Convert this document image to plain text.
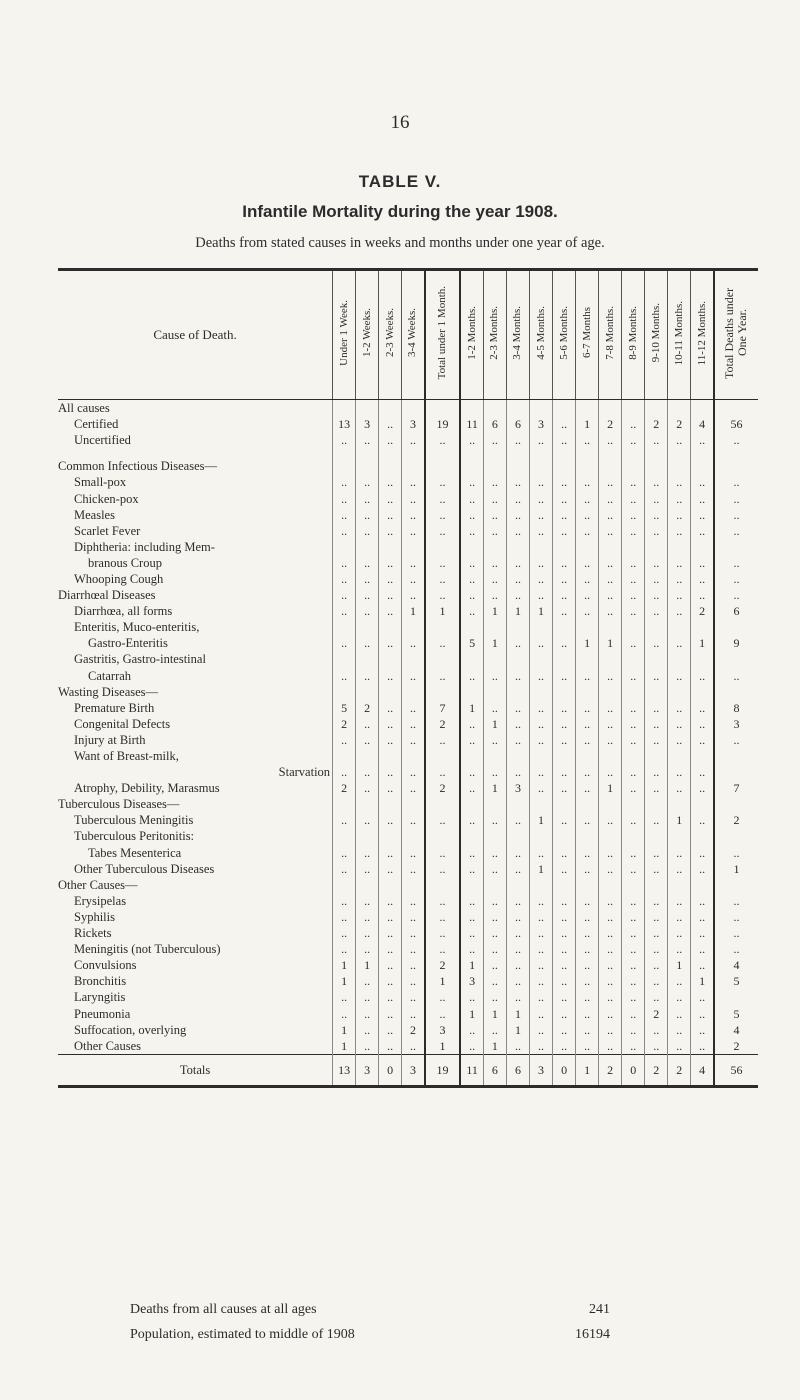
16
TABLE V.
Infantile Mortality during the year 1908.
Deaths from stated causes in weeks and months under one year of age.
Cause of Death.	Under 1 Week.	1-2 Weeks.	2-3 Weeks.	3-4 Weeks.	Total under 1 Month.	1-2 Months.	2-3 Months.	3-4 Months.	4-5 Months.	5-6 Months.	6-7 Months	7-8 Months.	8-9 Months.	9-10 Months.	10-11 Months.	11-12 Months.	Total Deaths under One Year.
All causes																	
Certified	13	3	..	3	19	11	6	6	3	..	1	2	..	2	2	4	56
Uncertified	..	..	..	..	..	..	..	..	..	..	..	..	..	..	..	..	..

Common Infectious Diseases—																	
Small-pox	..	..	..	..	..	..	..	..	..	..	..	..	..	..	..	..	..
Chicken-pox	..	..	..	..	..	..	..	..	..	..	..	..	..	..	..	..	..
Measles	..	..	..	..	..	..	..	..	..	..	..	..	..	..	..	..	..
Scarlet Fever	..	..	..	..	..	..	..	..	..	..	..	..	..	..	..	..	..
Diphtheria: including Mem-																	
branous Croup	..	..	..	..	..	..	..	..	..	..	..	..	..	..	..	..	..
Whooping Cough	..	..	..	..	..	..	..	..	..	..	..	..	..	..	..	..	..
Diarrhœal Diseases	..	..	..	..	..	..	..	..	..	..	..	..	..	..	..	..	..
Diarrhœa, all forms	..	..	..	1	1	..	1	1	1	..	..	..	..	..	..	2	6
Enteritis, Muco-enteritis,																	
Gastro-Enteritis	..	..	..	..	..	5	1	..	..	..	1	1	..	..	..	1	9
Gastritis, Gastro-intestinal																	
Catarrah	..	..	..	..	..	..	..	..	..	..	..	..	..	..	..	..	..
Wasting Diseases—																	
Premature Birth	5	2	..	..	7	1	..	..	..	..	..	..	..	..	..	..	8
Congenital Defects	2	..	..	..	2	..	1	..	..	..	..	..	..	..	..	..	3
Injury at Birth	..	..	..	..	..	..	..	..	..	..	..	..	..	..	..	..	..
Want of Breast-milk,																	
Starvation	..	..	..	..	..	..	..	..	..	..	..	..	..	..	..	..	
Atrophy, Debility, Marasmus	2	..	..	..	2	..	1	3	..	..	..	1	..	..	..	..	7
Tuberculous Diseases—																	
Tuberculous Meningitis	..	..	..	..	..	..	..	..	1	..	..	..	..	..	1	..	2
Tuberculous Peritonitis:																	
Tabes Mesenterica	..	..	..	..	..	..	..	..	..	..	..	..	..	..	..	..	..
Other Tuberculous Diseases	..	..	..	..	..	..	..	..	1	..	..	..	..	..	..	..	1
Other Causes—																	
Erysipelas	..	..	..	..	..	..	..	..	..	..	..	..	..	..	..	..	..
Syphilis	..	..	..	..	..	..	..	..	..	..	..	..	..	..	..	..	..
Rickets	..	..	..	..	..	..	..	..	..	..	..	..	..	..	..	..	..
Meningitis (not Tuberculous)	..	..	..	..	..	..	..	..	..	..	..	..	..	..	..	..	..
Convulsions	1	1	..	..	2	1	..	..	..	..	..	..	..	..	1	..	4
Bronchitis	1	..	..	..	1	3	..	..	..	..	..	..	..	..	..	1	5
Laryngitis	..	..	..	..	..	..	..	..	..	..	..	..	..	..	..	..	
Pneumonia	..	..	..	..	..	1	1	1	..	..	..	..	..	2	..	..	5
Suffocation, overlying	1	..	..	2	3	..	..	1	..	..	..	..	..	..	..	..	4
Other Causes	1	..	..	..	1	..	1	..	..	..	..	..	..	..	..	..	2
Totals	13	3	0	3	19	11	6	6	3	0	1	2	0	2	2	4	56
Deaths from all causes at all ages	241
Population, estimated to middle of 1908	16194
